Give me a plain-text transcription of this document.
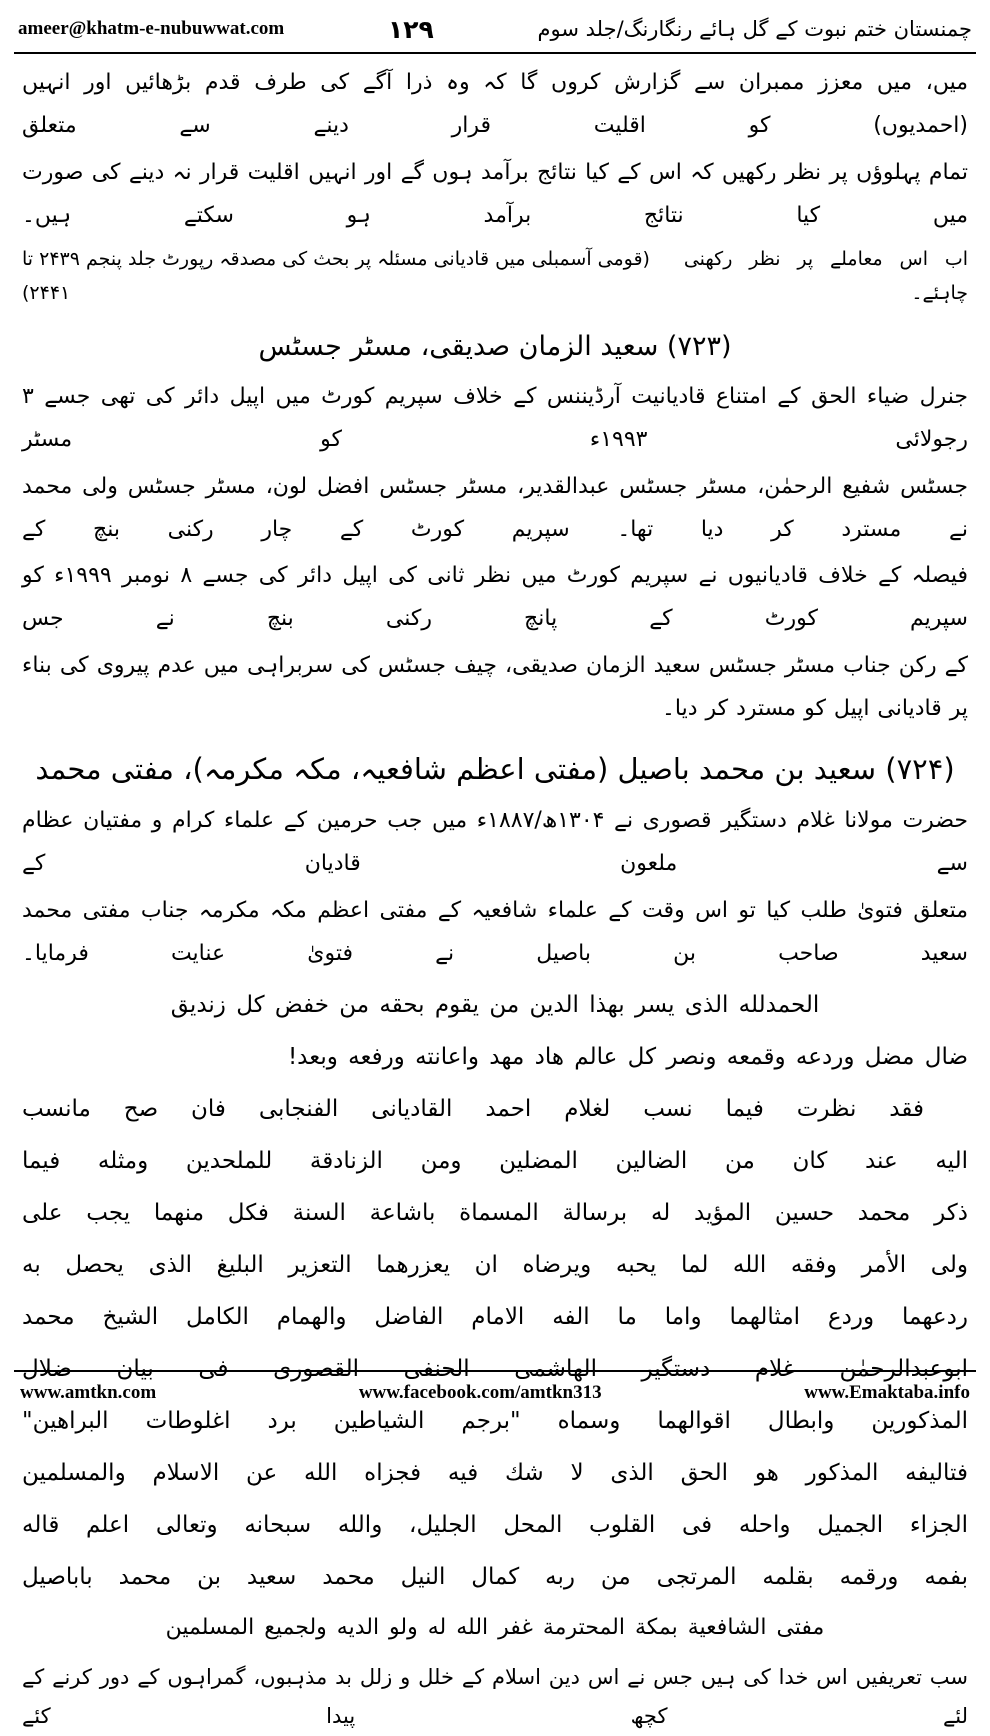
ameer@khatm-e-nubuwwat.com	۱۲۹	چمنستان ختم نبوت کے گل ہائے رنگارنگ/جلد سوم

میں، میں معزز ممبران سے گزارش کروں گا کہ وہ ذرا آگے کی طرف قدم بڑھائیں اور انہیں (احمدیوں) کو اقلیت قرار دینے سے متعلق

تمام پہلوؤں پر نظر رکھیں کہ اس کے کیا نتائج برآمد ہوں گے اور انہیں اقلیت قرار نہ دینے کی صورت میں کیا نتائج برآمد ہو سکتے ہیں۔

اب اس معاملے پر نظر رکھنی چاہئے۔
(قومی آسمبلی میں قادیانی مسئلہ پر بحث کی مصدقہ رپورٹ جلد پنجم ۲۴۳۹ تا ۲۴۴۱)
(۷۲۳) سعید الزمان صدیقی، مسٹر جسٹس

جنرل ضیاء الحق کے امتناع قادیانیت آرڈیننس کے خلاف سپریم کورٹ میں اپیل دائر کی تھی جسے ۳ رجولائی ۱۹۹۳ء کو مسٹر

جسٹس شفیع الرحمٰن، مسٹر جسٹس عبدالقدیر، مسٹر جسٹس افضل لون، مسٹر جسٹس ولی محمد نے مسترد کر دیا تھا۔ سپریم کورٹ کے چار رکنی بنچ کے

فیصلہ کے خلاف قادیانیوں نے سپریم کورٹ میں نظر ثانی کی اپیل دائر کی جسے ۸ نومبر ۱۹۹۹ء کو سپریم کورٹ کے پانچ رکنی بنچ نے جس

کے رکن جناب مسٹر جسٹس سعید الزمان صدیقی، چیف جسٹس کی سربراہی میں عدم پیروی کی بناء پر قادیانی اپیل کو مسترد کر دیا۔

(۷۲۴) سعید بن محمد باصیل (مفتی اعظم شافعیہ، مکہ مکرمہ)، مفتی محمد

حضرت مولانا غلام دستگیر قصوری نے ۱۳۰۴ھ/۱۸۸۷ء میں جب حرمین کے علماء کرام و مفتیان عظام سے ملعون قادیان کے

متعلق فتویٰ طلب کیا تو اس وقت کے علماء شافعیہ کے مفتی اعظم مکہ مکرمہ جناب مفتی محمد سعید صاحب بن باصیل نے فتویٰ عنایت فرمایا۔

الحمدلله الذى يسر بهذا الدين من يقوم بحقه من خفض كل زنديق

ضال مضل وردعه وقمعه ونصر كل عالم هاد مهد واعانته ورفعه وبعد!

فقد نظرت فيما نسب لغلام احمد القاديانى الفنجابى فان صح مانسب

اليه عند كان من الضالين المضلين ومن الزنادقة للملحدين ومثله فيما

ذكر محمد حسين المؤيد له برسالة المسماة باشاعة السنة فكل منهما يجب على

ولى الأمر وفقه الله لما يحبه ويرضاه ان يعزرهما التعزير البليغ الذى يحصل به

ردعهما وردع امثالهما واما ما الفه الامام الفاضل والهمام الكامل الشيخ محمد

ابوعبدالرحمٰن غلام دستگير الهاشمى الحنفى القصورى فى بيان ضلال

المذكورين وابطال اقوالهما وسماه "برجم الشياطين برد اغلوطات البراهين"

فتاليفه المذكور هو الحق الذى لا شك فيه فجزاه الله عن الاسلام والمسلمين

الجزاء الجميل واحله فى القلوب المحل الجليل، والله سبحانه وتعالى اعلم قاله

بفمه ورقمه بقلمه المرتجى من ربه كمال النيل محمد سعيد بن محمد باباصيل

مفتى الشافعية بمكة المحترمة غفر الله له ولو الديه ولجميع المسلمين

سب تعریفیں اس خدا کی ہیں جس نے اس دین اسلام کے خلل و زلل بد مذہبوں، گمراہوں کے دور کرنے کے لئے کچھ پیدا کئے

www.amtkn.com	www.facebook.com/amtkn313	www.Emaktaba.info
